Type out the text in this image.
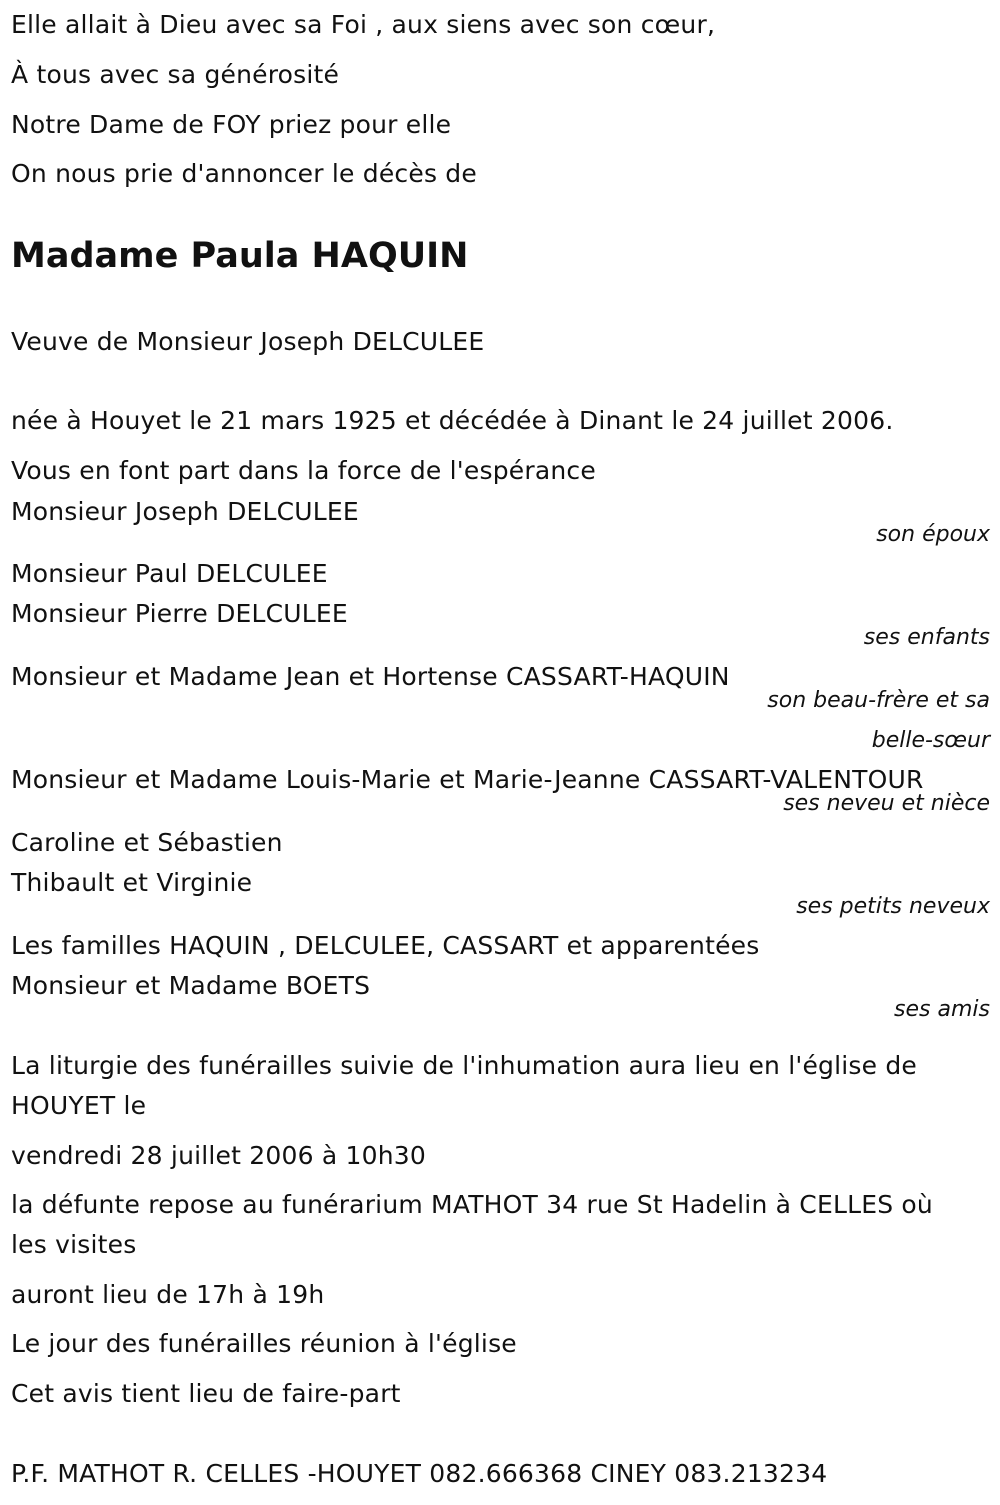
Elle allait à Dieu avec sa Foi , aux siens avec son cœur,
À tous avec sa générosité
Notre Dame de FOY priez pour elle
On nous prie d'annoncer le décès de
Madame Paula HAQUIN
Veuve de Monsieur Joseph DELCULEE
née à Houyet le 21 mars 1925 et décédée à Dinant le 24 juillet 2006.
Vous en font part dans la force de l'espérance
Monsieur Joseph DELCULEE
son époux
Monsieur Paul DELCULEE
Monsieur Pierre DELCULEE
ses enfants
Monsieur et Madame Jean et Hortense CASSART-HAQUIN
son beau-frère et sa
belle-sœur
Monsieur et Madame Louis-Marie et Marie-Jeanne CASSART-VALENTOUR
ses neveu et nièce
Caroline et Sébastien
Thibault et Virginie
ses petits neveux
Les familles HAQUIN , DELCULEE, CASSART et apparentées
Monsieur et Madame BOETS
ses amis
La liturgie des funérailles suivie de l'inhumation aura lieu en l'église de
HOUYET le
vendredi 28 juillet 2006 à 10h30
la défunte repose au funérarium MATHOT 34 rue St Hadelin à CELLES où
les visites
auront lieu de 17h à 19h
Le jour des funérailles réunion à l'église
Cet avis tient lieu de faire-part
P.F. MATHOT R. CELLES -HOUYET 082.666368 CINEY 083.213234
